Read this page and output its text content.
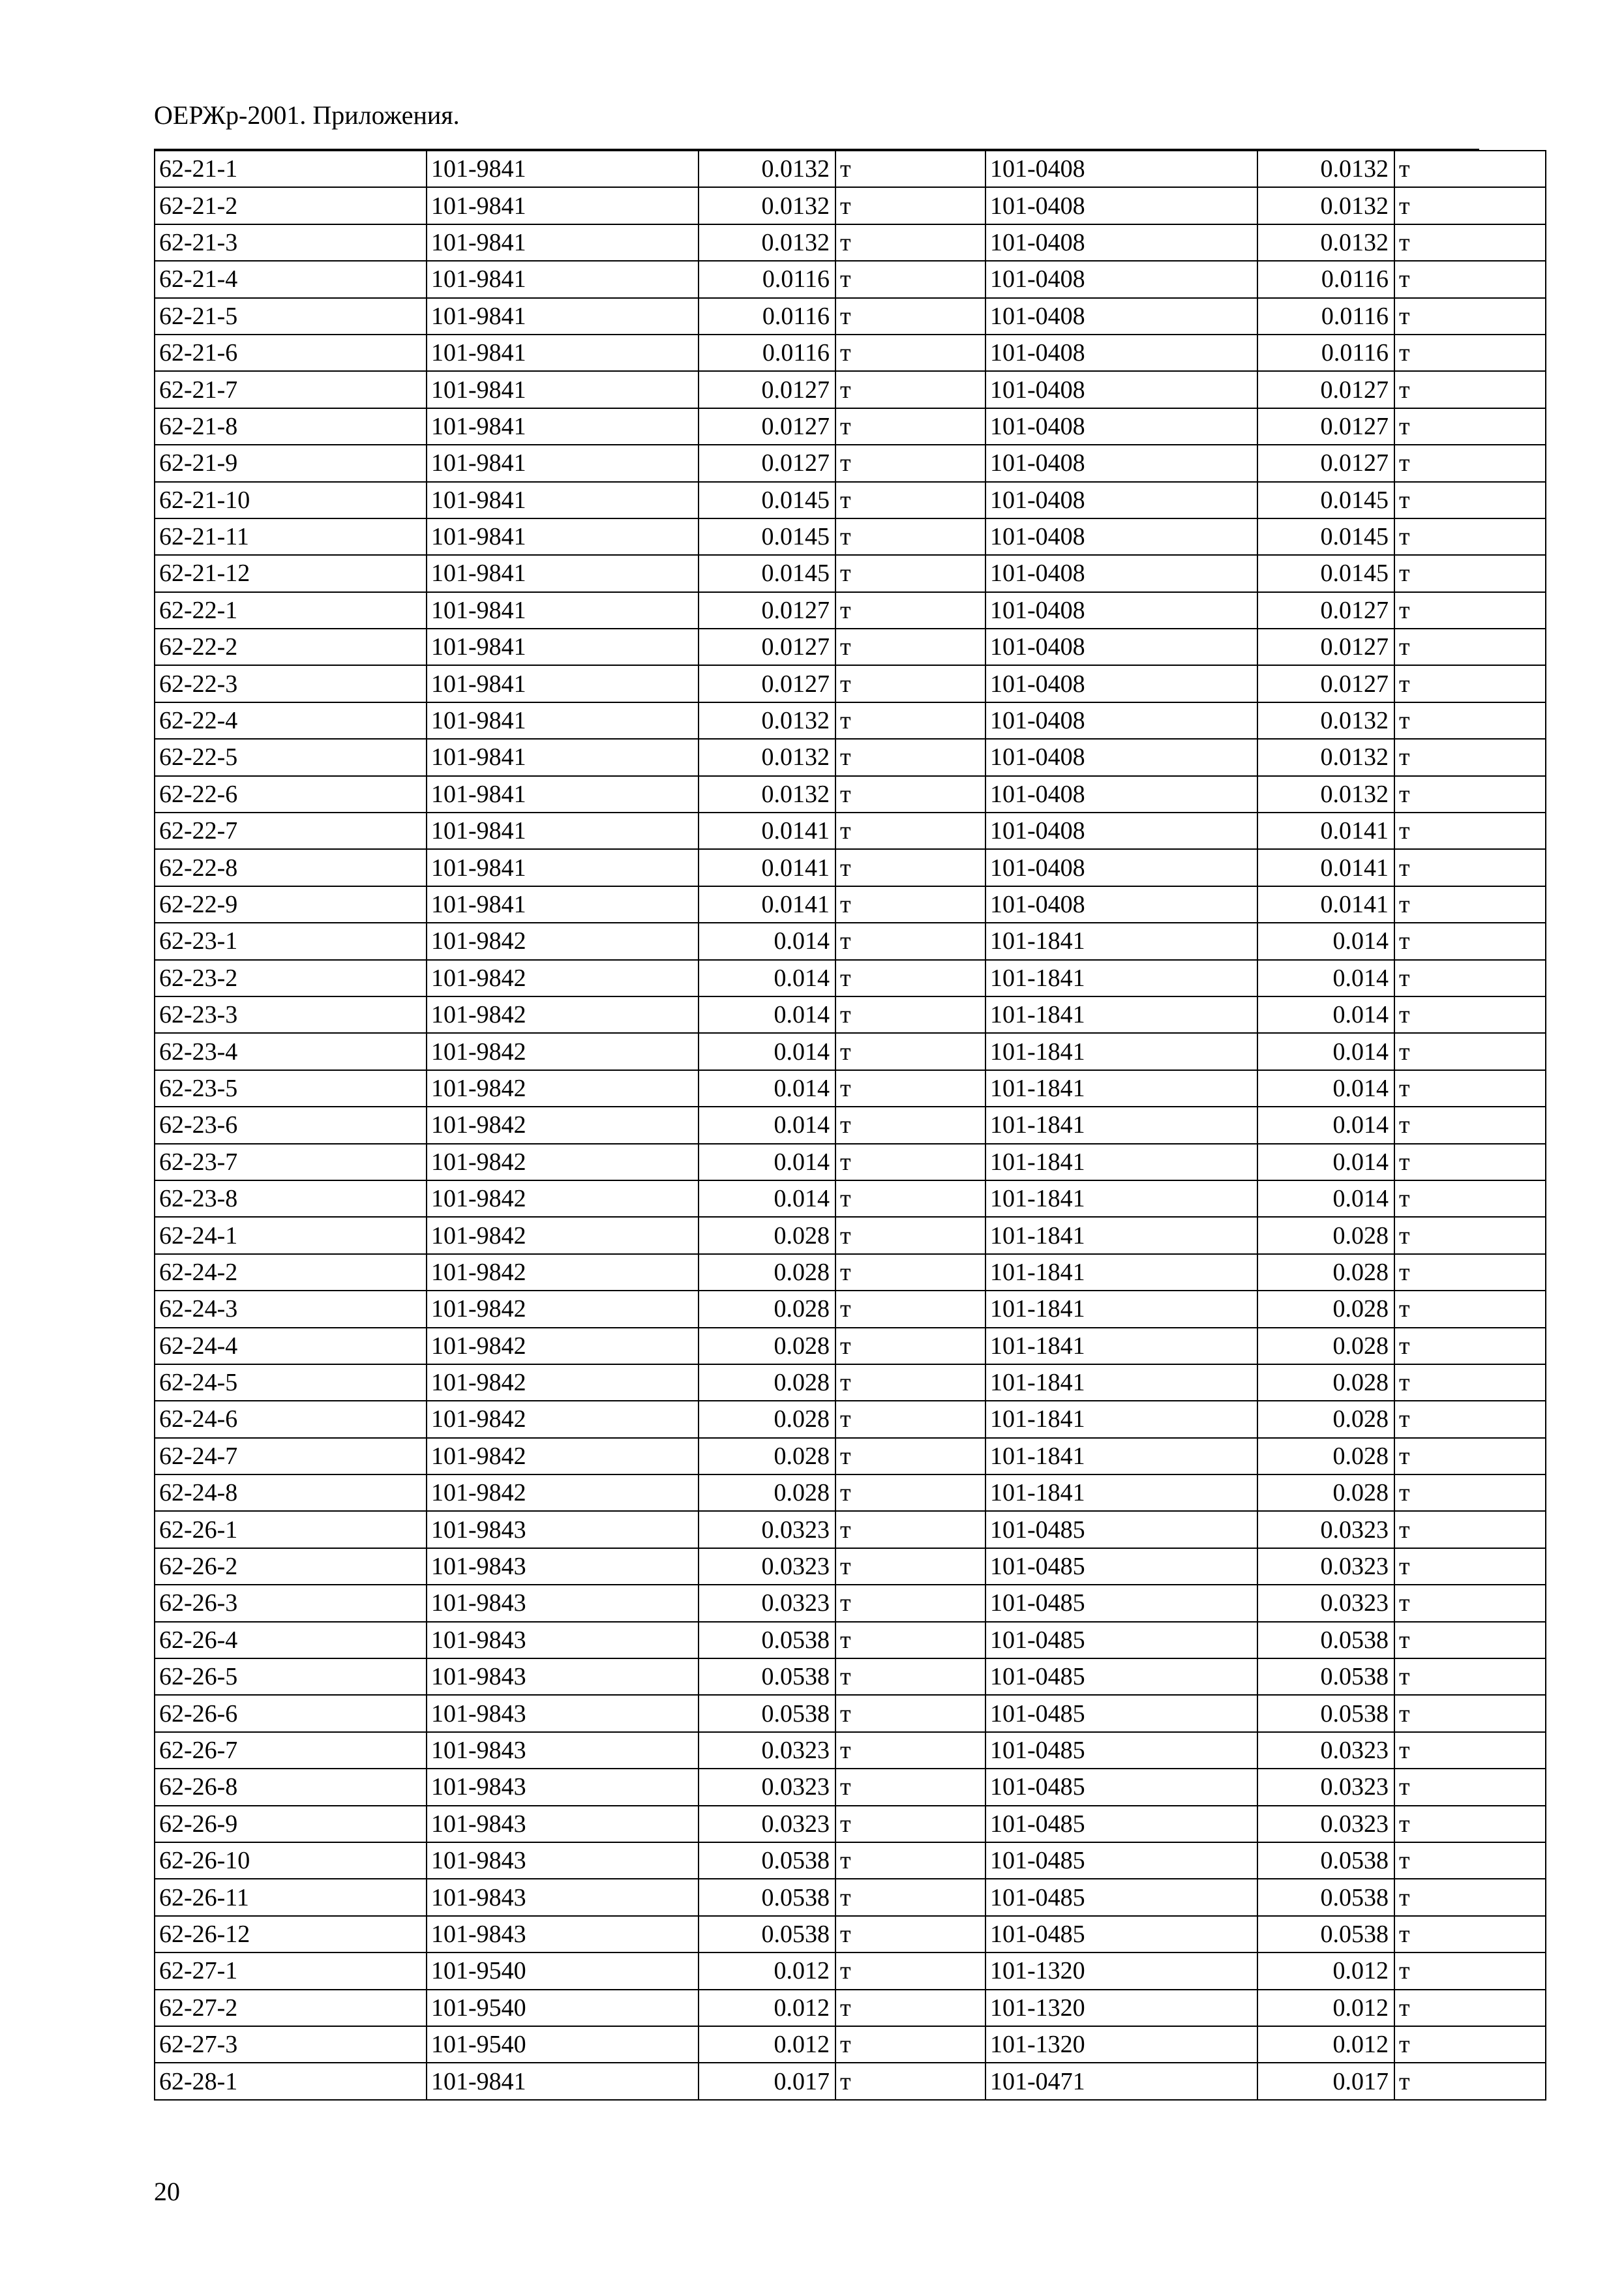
ОЕРЖр-2001. Приложения.
62-21-1	101-9841	0.0132	т	101-0408	0.0132	т
62-21-2	101-9841	0.0132	т	101-0408	0.0132	т
62-21-3	101-9841	0.0132	т	101-0408	0.0132	т
62-21-4	101-9841	0.0116	т	101-0408	0.0116	т
62-21-5	101-9841	0.0116	т	101-0408	0.0116	т
62-21-6	101-9841	0.0116	т	101-0408	0.0116	т
62-21-7	101-9841	0.0127	т	101-0408	0.0127	т
62-21-8	101-9841	0.0127	т	101-0408	0.0127	т
62-21-9	101-9841	0.0127	т	101-0408	0.0127	т
62-21-10	101-9841	0.0145	т	101-0408	0.0145	т
62-21-11	101-9841	0.0145	т	101-0408	0.0145	т
62-21-12	101-9841	0.0145	т	101-0408	0.0145	т
62-22-1	101-9841	0.0127	т	101-0408	0.0127	т
62-22-2	101-9841	0.0127	т	101-0408	0.0127	т
62-22-3	101-9841	0.0127	т	101-0408	0.0127	т
62-22-4	101-9841	0.0132	т	101-0408	0.0132	т
62-22-5	101-9841	0.0132	т	101-0408	0.0132	т
62-22-6	101-9841	0.0132	т	101-0408	0.0132	т
62-22-7	101-9841	0.0141	т	101-0408	0.0141	т
62-22-8	101-9841	0.0141	т	101-0408	0.0141	т
62-22-9	101-9841	0.0141	т	101-0408	0.0141	т
62-23-1	101-9842	0.014	т	101-1841	0.014	т
62-23-2	101-9842	0.014	т	101-1841	0.014	т
62-23-3	101-9842	0.014	т	101-1841	0.014	т
62-23-4	101-9842	0.014	т	101-1841	0.014	т
62-23-5	101-9842	0.014	т	101-1841	0.014	т
62-23-6	101-9842	0.014	т	101-1841	0.014	т
62-23-7	101-9842	0.014	т	101-1841	0.014	т
62-23-8	101-9842	0.014	т	101-1841	0.014	т
62-24-1	101-9842	0.028	т	101-1841	0.028	т
62-24-2	101-9842	0.028	т	101-1841	0.028	т
62-24-3	101-9842	0.028	т	101-1841	0.028	т
62-24-4	101-9842	0.028	т	101-1841	0.028	т
62-24-5	101-9842	0.028	т	101-1841	0.028	т
62-24-6	101-9842	0.028	т	101-1841	0.028	т
62-24-7	101-9842	0.028	т	101-1841	0.028	т
62-24-8	101-9842	0.028	т	101-1841	0.028	т
62-26-1	101-9843	0.0323	т	101-0485	0.0323	т
62-26-2	101-9843	0.0323	т	101-0485	0.0323	т
62-26-3	101-9843	0.0323	т	101-0485	0.0323	т
62-26-4	101-9843	0.0538	т	101-0485	0.0538	т
62-26-5	101-9843	0.0538	т	101-0485	0.0538	т
62-26-6	101-9843	0.0538	т	101-0485	0.0538	т
62-26-7	101-9843	0.0323	т	101-0485	0.0323	т
62-26-8	101-9843	0.0323	т	101-0485	0.0323	т
62-26-9	101-9843	0.0323	т	101-0485	0.0323	т
62-26-10	101-9843	0.0538	т	101-0485	0.0538	т
62-26-11	101-9843	0.0538	т	101-0485	0.0538	т
62-26-12	101-9843	0.0538	т	101-0485	0.0538	т
62-27-1	101-9540	0.012	т	101-1320	0.012	т
62-27-2	101-9540	0.012	т	101-1320	0.012	т
62-27-3	101-9540	0.012	т	101-1320	0.012	т
62-28-1	101-9841	0.017	т	101-0471	0.017	т
20
